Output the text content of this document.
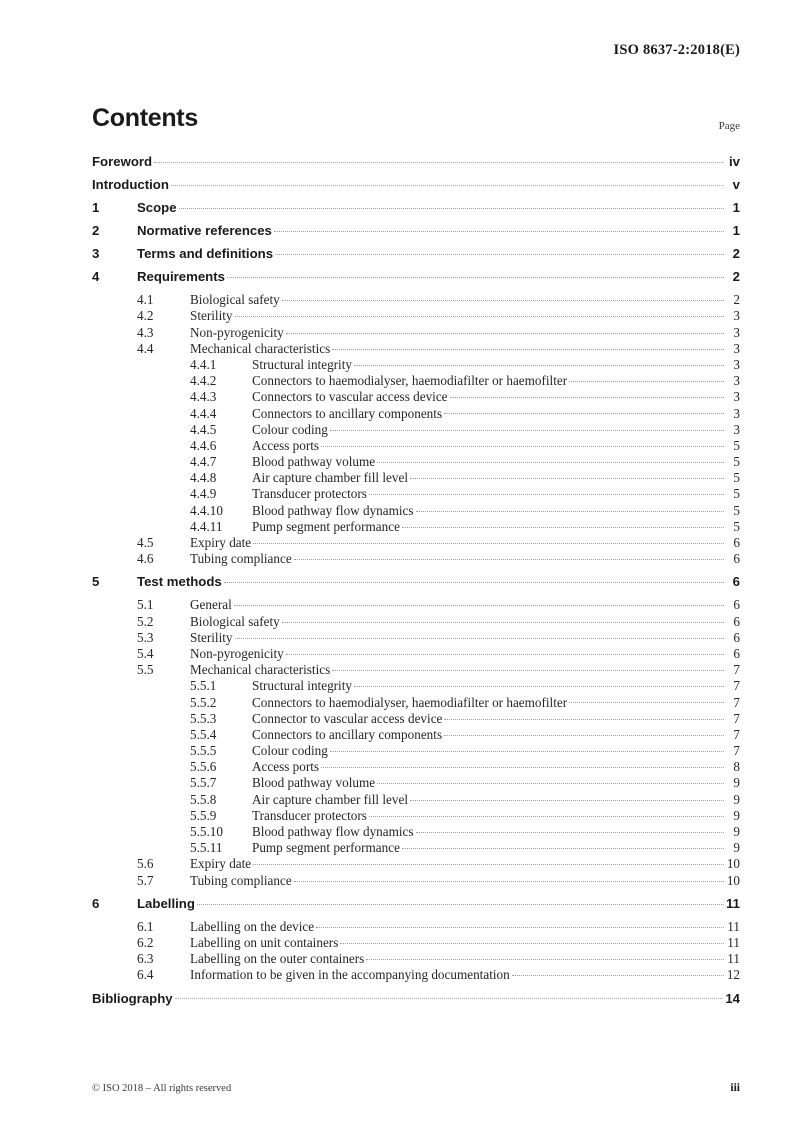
ISO 8637-2:2018(E)
Contents	Page
Foreword	iv
Introduction	v
1	Scope	1
2	Normative references	1
3	Terms and definitions	2
4	Requirements	2
4.1	Biological safety	2
4.2	Sterility	3
4.3	Non-pyrogenicity	3
4.4	Mechanical characteristics	3
4.4.1	Structural integrity	3
4.4.2	Connectors to haemodialyser, haemodiafilter or haemofilter	3
4.4.3	Connectors to vascular access device	3
4.4.4	Connectors to ancillary components	3
4.4.5	Colour coding	3
4.4.6	Access ports	5
4.4.7	Blood pathway volume	5
4.4.8	Air capture chamber fill level	5
4.4.9	Transducer protectors	5
4.4.10	Blood pathway flow dynamics	5
4.4.11	Pump segment performance	5
4.5	Expiry date	6
4.6	Tubing compliance	6
5	Test methods	6
5.1	General	6
5.2	Biological safety	6
5.3	Sterility	6
5.4	Non-pyrogenicity	6
5.5	Mechanical characteristics	7
5.5.1	Structural integrity	7
5.5.2	Connectors to haemodialyser, haemodiafilter or haemofilter	7
5.5.3	Connector to vascular access device	7
5.5.4	Connectors to ancillary components	7
5.5.5	Colour coding	7
5.5.6	Access ports	8
5.5.7	Blood pathway volume	9
5.5.8	Air capture chamber fill level	9
5.5.9	Transducer protectors	9
5.5.10	Blood pathway flow dynamics	9
5.5.11	Pump segment performance	9
5.6	Expiry date	10
5.7	Tubing compliance	10
6	Labelling	11
6.1	Labelling on the device	11
6.2	Labelling on unit containers	11
6.3	Labelling on the outer containers	11
6.4	Information to be given in the accompanying documentation	12
Bibliography	14
© ISO 2018 – All rights reserved	iii
